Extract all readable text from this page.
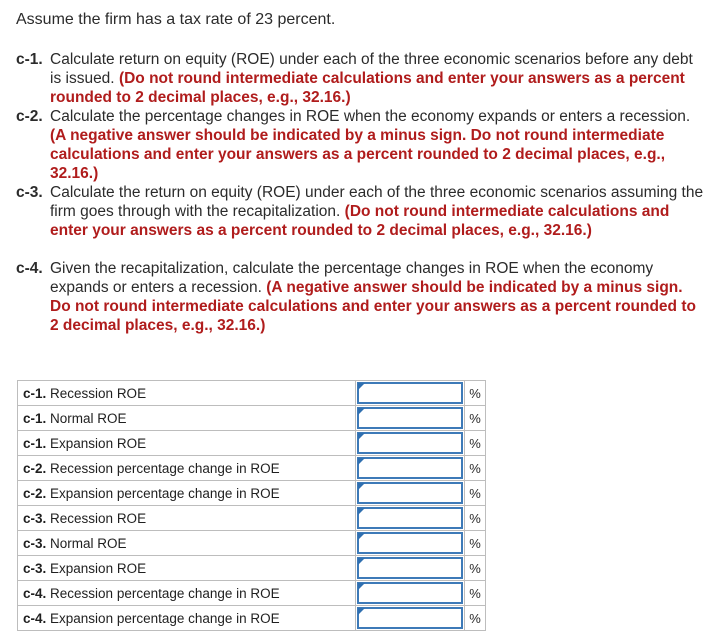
Assume the firm has a tax rate of 23 percent.
c-1. Calculate return on equity (ROE) under each of the three economic scenarios before any debt is issued. (Do not round intermediate calculations and enter your answers as a percent rounded to 2 decimal places, e.g., 32.16.)
c-2. Calculate the percentage changes in ROE when the economy expands or enters a recession. (A negative answer should be indicated by a minus sign. Do not round intermediate calculations and enter your answers as a percent rounded to 2 decimal places, e.g., 32.16.)
c-3. Calculate the return on equity (ROE) under each of the three economic scenarios assuming the firm goes through with the recapitalization. (Do not round intermediate calculations and enter your answers as a percent rounded to 2 decimal places, e.g., 32.16.)
c-4. Given the recapitalization, calculate the percentage changes in ROE when the economy expands or enters a recession. (A negative answer should be indicated by a minus sign. Do not round intermediate calculations and enter your answers as a percent rounded to 2 decimal places, e.g., 32.16.)
c-1. Recession ROE		%
c-1. Normal ROE		%
c-1. Expansion ROE		%
c-2. Recession percentage change in ROE		%
c-2. Expansion percentage change in ROE		%
c-3. Recession ROE		%
c-3. Normal ROE		%
c-3. Expansion ROE		%
c-4. Recession percentage change in ROE		%
c-4. Expansion percentage change in ROE		%
